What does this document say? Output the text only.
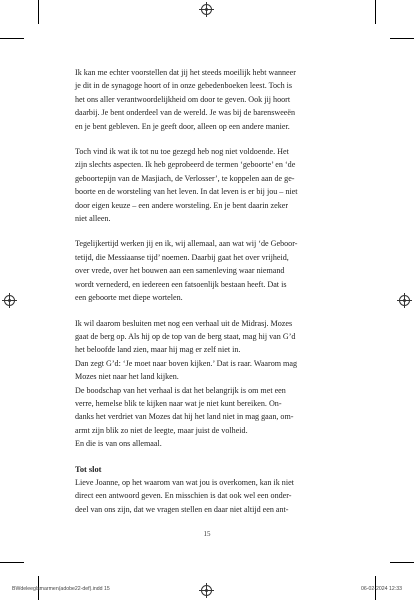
Ik kan me echter voorstellen dat jij het steeds moeilijk hebt wanneer
je dit in de synagoge hoort of in onze gebedenboeken leest. Toch is
het ons aller verantwoordelijkheid om door te geven. Ook jij hoort
daarbij. Je bent onderdeel van de wereld. Je was bij de barensweeën
en je bent gebleven. En je geeft door, alleen op een andere manier.

Toch vind ik wat ik tot nu toe gezegd heb nog niet voldoende. Het
zijn slechts aspecten. Ik heb geprobeerd de termen ‘geboorte’ en ‘de
geboortepijn van de Masjiach, de Verlosser’, te koppelen aan de ge-
boorte en de worsteling van het leven. In dat leven is er bij jou – niet
door eigen keuze – een andere worsteling. En je bent daarin zeker
niet alleen.

Tegelijkertijd werken jij en ik, wij allemaal, aan wat wij ‘de Geboor-
tetijd, die Messiaanse tijd’ noemen. Daarbij gaat het over vrijheid,
over vrede, over het bouwen aan een samenleving waar niemand
wordt vernederd, en iedereen een fatsoenlijk bestaan heeft. Dat is
een geboorte met diepe wortelen.

Ik wil daarom besluiten met nog een verhaal uit de Midrasj. Mozes
gaat de berg op. Als hij op de top van de berg staat, mag hij van G’d
het beloofde land zien, maar hij mag er zelf niet in.
Dan zegt G’d: ‘Je moet naar boven kijken.’ Dat is raar. Waarom mag
Mozes niet naar het land kijken.
De boodschap van het verhaal is dat het belangrijk is om met een
verre, hemelse blik te kijken naar wat je niet kunt bereiken. On-
danks het verdriet van Mozes dat hij het land niet in mag gaan, om-
armt zijn blik zo niet de leegte, maar juist de volheid.
En die is van ons allemaal.

Tot slot

Lieve Joanne, op het waarom van wat jou is overkomen, kan ik niet
direct een antwoord geven. En misschien is dat ook wel een onder-
deel van ons zijn, dat we vragen stellen en daar niet altijd een ant-

15
BWdeleeglsmarmen(adobe22-def).indd 15	06-02-2024 12:33
